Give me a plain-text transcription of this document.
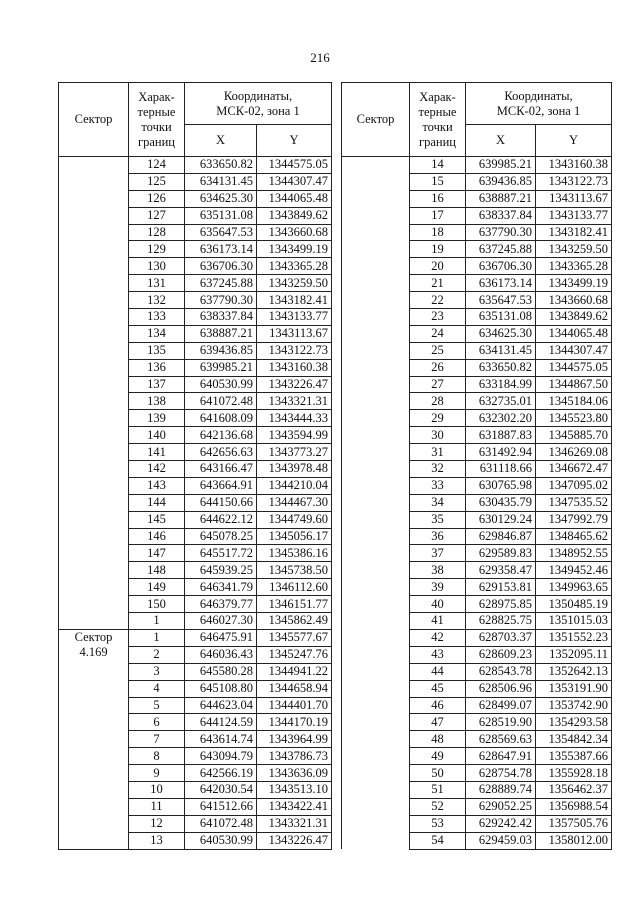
216
Сектор	Харак-
терные
точки
границ	Координаты,
МСК-02, зона 1	
		X	Y

	124	633650.82	1344575.05
	125	634131.45	1344307.47
	126	634625.30	1344065.48
	127	635131.08	1343849.62
	128	635647.53	1343660.68
	129	636173.14	1343499.19
	130	636706.30	1343365.28
	131	637245.88	1343259.50
	132	637790.30	1343182.41
	133	638337.84	1343133.77
	134	638887.21	1343113.67
	135	639436.85	1343122.73
	136	639985.21	1343160.38
	137	640530.99	1343226.47
	138	641072.48	1343321.31
	139	641608.09	1343444.33
	140	642136.68	1343594.99
	141	642656.63	1343773.27
	142	643166.47	1343978.48
	143	643664.91	1344210.04
	144	644150.66	1344467.30
	145	644622.12	1344749.60
	146	645078.25	1345056.17
	147	645517.72	1345386.16
	148	645939.25	1345738.50
	149	646341.79	1346112.60
	150	646379.77	1346151.77
	1	646027.30	1345862.49
Сектор
4.169	1	646475.91	1345577.67
	2	646036.43	1345247.76
	3	645580.28	1344941.22
	4	645108.80	1344658.94
	5	644623.04	1344401.70
	6	644124.59	1344170.19
	7	643614.74	1343964.99
	8	643094.79	1343786.73
	9	642566.19	1343636.09
	10	642030.54	1343513.10
	11	641512.66	1343422.41
	12	641072.48	1343321.31
	13	640530.99	1343226.47
Сектор	Харак-
терные
точки
границ	Координаты,
МСК-02, зона 1	
		X	Y

	14	639985.21	1343160.38
	15	639436.85	1343122.73
	16	638887.21	1343113.67
	17	638337.84	1343133.77
	18	637790.30	1343182.41
	19	637245.88	1343259.50
	20	636706.30	1343365.28
	21	636173.14	1343499.19
	22	635647.53	1343660.68
	23	635131.08	1343849.62
	24	634625.30	1344065.48
	25	634131.45	1344307.47
	26	633650.82	1344575.05
	27	633184.99	1344867.50
	28	632735.01	1345184.06
	29	632302.20	1345523.80
	30	631887.83	1345885.70
	31	631492.94	1346269.08
	32	631118.66	1346672.47
	33	630765.98	1347095.02
	34	630435.79	1347535.52
	35	630129.24	1347992.79
	36	629846.87	1348465.62
	37	629589.83	1348952.55
	38	629358.47	1349452.46
	39	629153.81	1349963.65
	40	628975.85	1350485.19
	41	628825.75	1351015.03
	42	628703.37	1351552.23
	43	628609.23	1352095.11
	44	628543.78	1352642.13
	45	628506.96	1353191.90
	46	628499.07	1353742.90
	47	628519.90	1354293.58
	48	628569.63	1354842.34
	49	628647.91	1355387.66
	50	628754.78	1355928.18
	51	628889.74	1356462.37
	52	629052.25	1356988.54
	53	629242.42	1357505.76
	54	629459.03	1358012.00
